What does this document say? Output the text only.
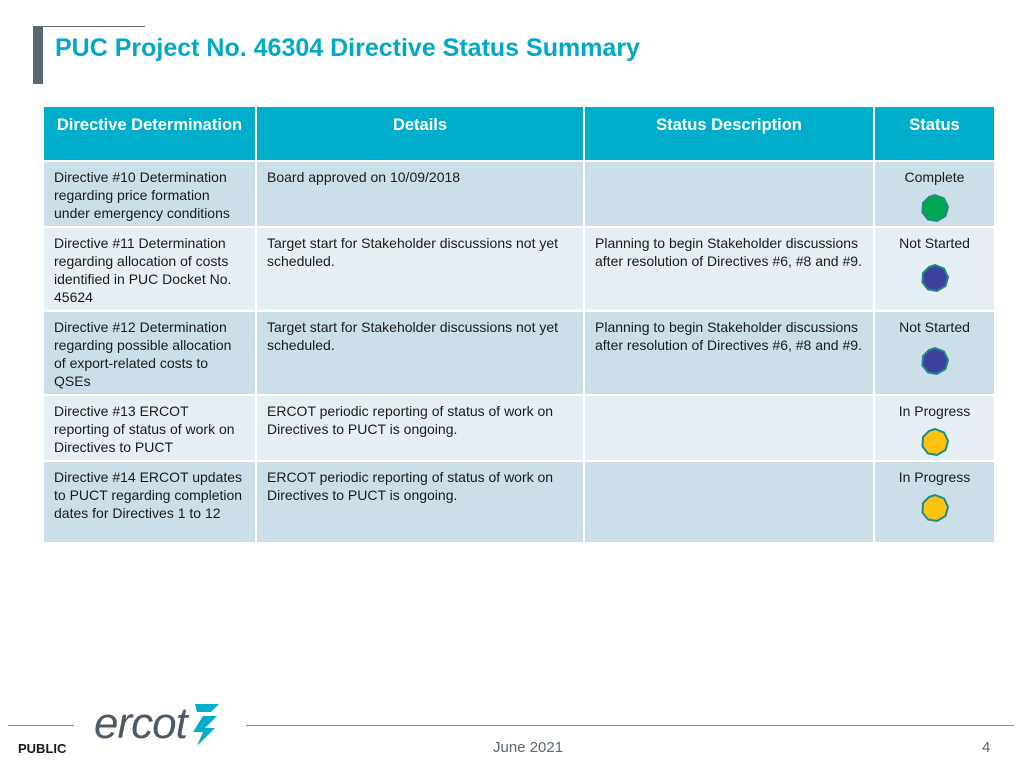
PUC Project No. 46304 Directive Status Summary
Directive Determination	Details	Status Description	Status
Directive #10 Determination regarding price formation under emergency conditions	Board approved on 10/09/2018		Complete

Directive #11 Determination regarding allocation of costs identified in PUC Docket No. 45624	Target start for Stakeholder discussions not yet scheduled.	Planning to begin Stakeholder discussions after resolution of Directives #6, #8 and #9.	Not Started

Directive #12 Determination regarding possible allocation of export-related costs to QSEs	Target start for Stakeholder discussions not yet scheduled.	Planning to begin Stakeholder discussions after resolution of Directives #6, #8 and #9.	Not Started

Directive #13 ERCOT reporting of status of work on Directives to PUCT	ERCOT periodic reporting of status of work on Directives to PUCT is ongoing.		In Progress

Directive #14 ERCOT updates to PUCT regarding completion dates for Directives 1 to 12	ERCOT periodic reporting of status of work on Directives to PUCT is ongoing.		In Progress
ercot
PUBLIC	June 2021	4
